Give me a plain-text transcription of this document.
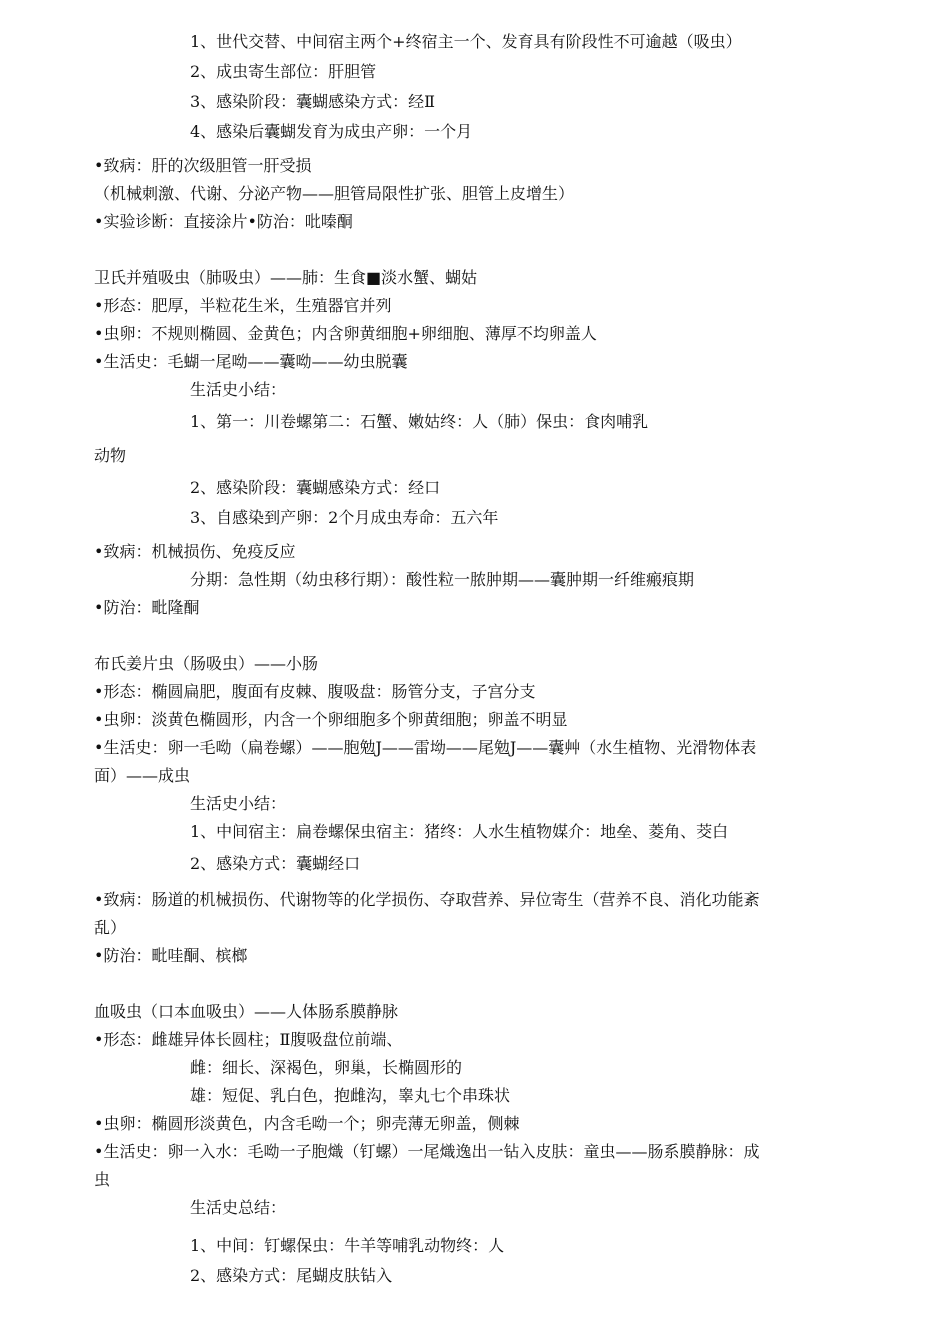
1、世代交替、中间宿主两个+终宿主一个、发育具有阶段性不可逾越（吸虫）
2、成虫寄生部位：肝胆管
3、感染阶段：囊蝴感染方式：经Ⅱ
4、感染后囊蝴发育为成虫产卵：一个月
•致病：肝的次级胆管一肝受损
（机械刺激、代谢、分泌产物——胆管局限性扩张、胆管上皮增生）
•实验诊断：直接涂片•防治：吡嗪酮
卫氏并殖吸虫（肺吸虫）——肺：生食■淡水蟹、蝴姑
•形态：肥厚，半粒花生米，生殖器官并列
•虫卵：不规则椭圆、金黄色；内含卵黄细胞+卵细胞、薄厚不均卵盖人
•生活史：毛蝴一尾呦——囊呦——幼虫脱囊
生活史小结：
1、第一：川卷螺第二：石蟹、嫩姑终：人（肺）保虫：食肉哺乳
动物
2、感染阶段：囊蝴感染方式：经口
3、自感染到产卵：2个月成虫寿命：五六年
•致病：机械损伤、免疫反应
分期：急性期（幼虫移行期）：酸性粒一脓肿期——囊肿期一纤维瘢痕期
•防治：毗隆酮
布氏姜片虫（肠吸虫）——小肠
•形态：椭圆扁肥，腹面有皮棘、腹吸盘：肠管分支，子宫分支
•虫卵：淡黄色椭圆形，内含一个卵细胞多个卵黄细胞；卵盖不明显
•生活史：卵一毛呦（扁卷螺）——胞勉J——雷坳——尾勉J——囊艸（水生植物、光滑物体表
面）——成虫
生活史小结：
1、中间宿主：扁卷螺保虫宿主：猪终：人水生植物媒介：地垒、菱角、茭白
2、感染方式：囊蝴经口
•致病：肠道的机械损伤、代谢物等的化学损伤、夺取营养、异位寄生（营养不良、消化功能紊
乱）
•防治：毗哇酮、槟榔
血吸虫（口本血吸虫）——人体肠系膜静脉
•形态：雌雄异体长圆柱；Ⅱ腹吸盘位前端、
雌：细长、深褐色，卵巢，长椭圆形的
雄：短促、乳白色，抱雌沟，睾丸七个串珠状
•虫卵：椭圆形淡黄色，内含毛呦一个；卵壳薄无卵盖，侧棘
•生活史：卵一入水：毛呦一子胞熾（钉螺）一尾熾逸出一钻入皮肤：童虫——肠系膜静脉：成
虫
生活史总结：
1、中间：钉螺保虫：牛羊等哺乳动物终：人
2、感染方式：尾蝴皮肤钻入
